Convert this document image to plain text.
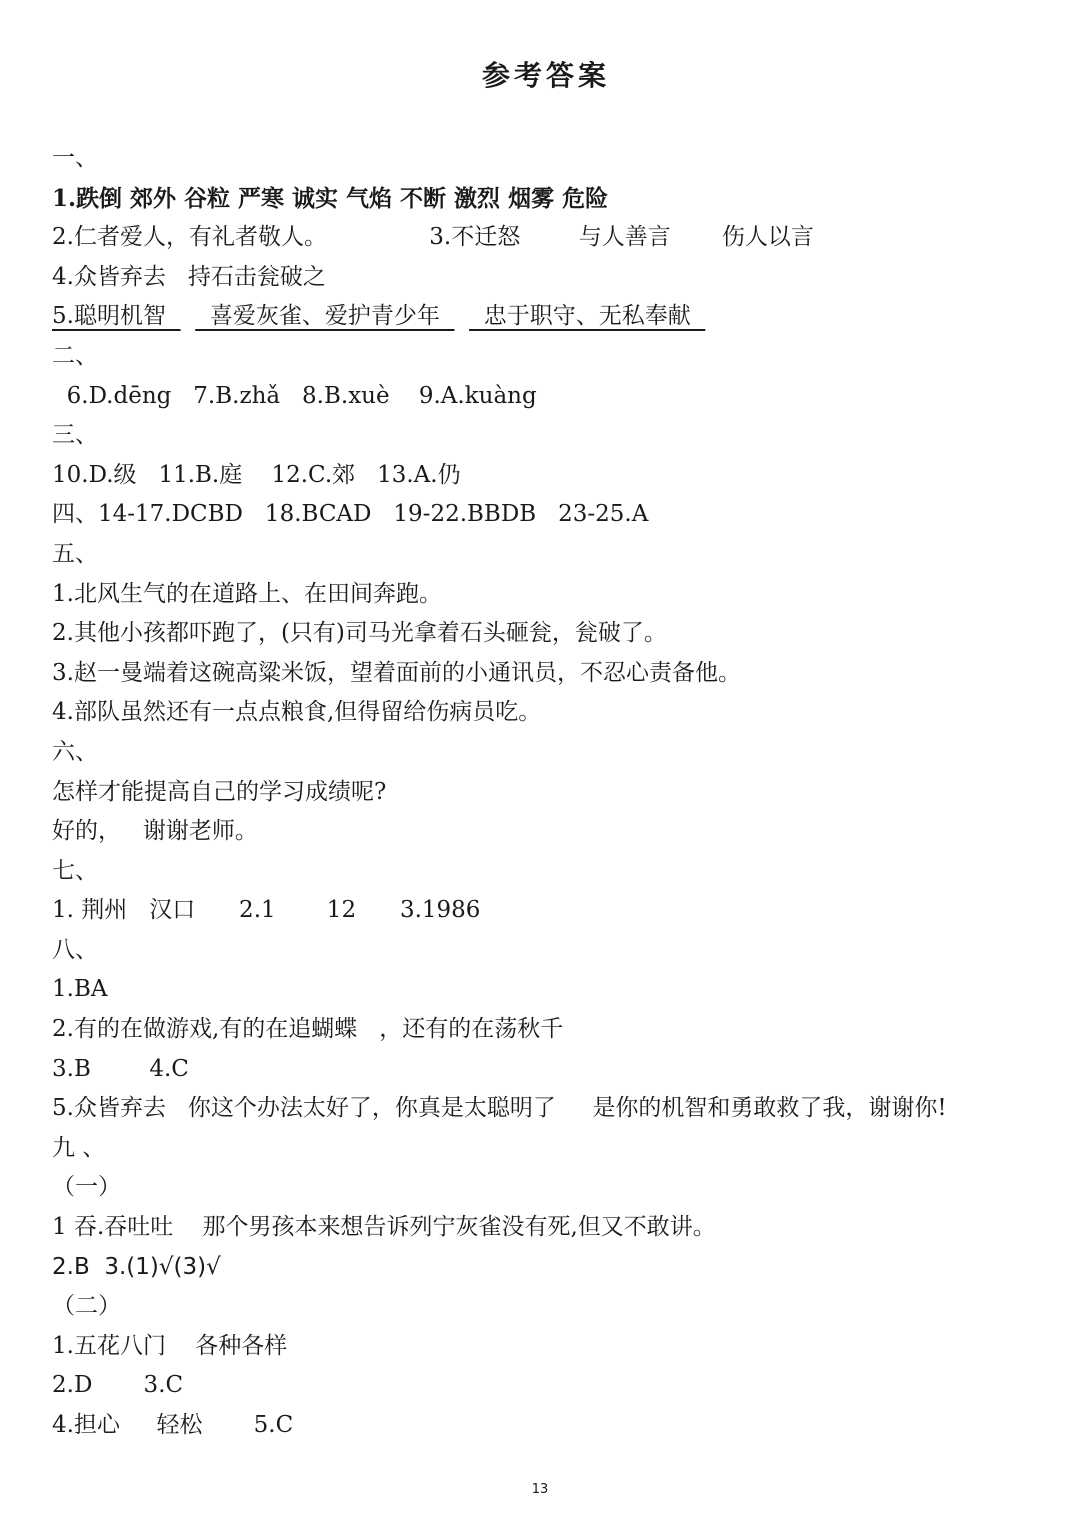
参考答案
一、
1.跌倒 郊外 谷粒 严寒 诚实 气焰 不断 激烈 烟雾 危险
2.仁者爱人，有礼者敬人。              3.不迁怒        与人善言       伤人以言
4.众皆弃去   持石击瓮破之
5.聪明机智      喜爱灰雀、爱护青少年      忠于职守、无私奉献
二、
6.D.dēng   7.B.zhǎ   8.B.xuè    9.A.kuàng
三、
10.D.级   11.B.庭    12.C.郊   13.A.仍
四、14-17.DCBD   18.BCAD   19-22.BBDB   23-25.A
五、
1.北风生气的在道路上、在田间奔跑。
2.其他小孩都吓跑了，(只有)司马光拿着石头砸瓮，瓮破了。
3.赵一曼端着这碗高粱米饭，望着面前的小通讯员，不忍心责备他。
4.部队虽然还有一点点粮食,但得留给伤病员吃。
六、
怎样才能提高自己的学习成绩呢?
好的，   谢谢老师。
七、
1. 荆州   汉口      2.1       12      3.1986
八、
1.BA
2.有的在做游戏,有的在追蝴蝶   ，还有的在荡秋千
3.B        4.C
5.众皆弃去   你这个办法太好了，你真是太聪明了     是你的机智和勇敢救了我，谢谢你!
九 、
（一）
1 吞.吞吐吐    那个男孩本来想告诉列宁灰雀没有死,但又不敢讲。
2.B  3.(1)√(3)√
（二）
1.五花八门    各种各样
2.D       3.C
4.担心     轻松       5.C
13
